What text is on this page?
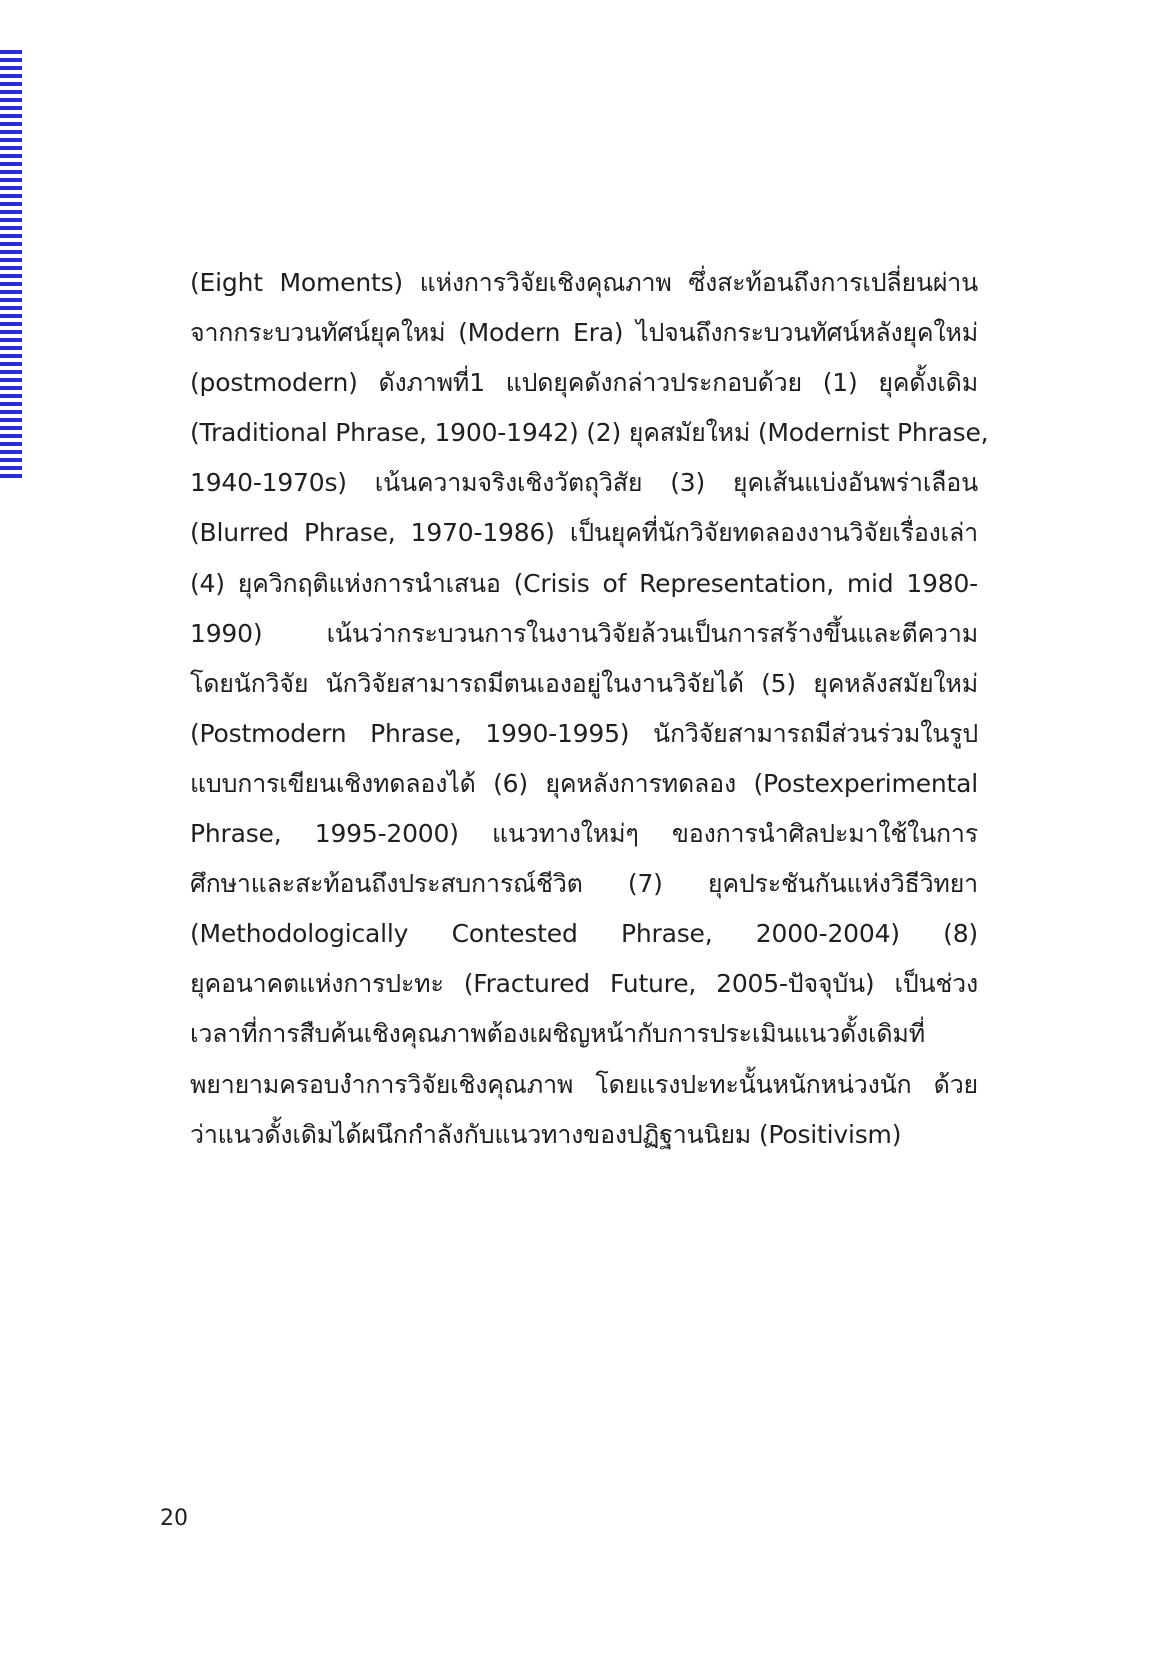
(Eight Moments) แห่งการวิจัยเชิงคุณภาพ ซึ่งสะท้อนถึงการเปลี่ยนผ่าน
จากกระบวนทัศน์ยุคใหม่ (Modern Era) ไปจนถึงกระบวนทัศน์หลังยุคใหม่
(postmodern) ดังภาพที่1 แปดยุคดังกล่าวประกอบด้วย (1) ยุคดั้งเดิม
(Traditional Phrase, 1900-1942) (2) ยุคสมัยใหม่ (Modernist Phrase,
1940-1970s) เน้นความจริงเชิงวัตถุวิสัย (3) ยุคเส้นแบ่งอันพร่าเลือน
(Blurred Phrase, 1970-1986) เป็นยุคที่นักวิจัยทดลองงานวิจัยเรื่องเล่า
(4) ยุควิกฤติแห่งการนำเสนอ (Crisis of Representation, mid 1980-
1990) เน้นว่ากระบวนการในงานวิจัยล้วนเป็นการสร้างขึ้นและตีความ
โดยนักวิจัย นักวิจัยสามารถมีตนเองอยู่ในงานวิจัยได้ (5) ยุคหลังสมัยใหม่
(Postmodern Phrase, 1990-1995) นักวิจัยสามารถมีส่วนร่วมในรูป
แบบการเขียนเชิงทดลองได้ (6) ยุคหลังการทดลอง (Postexperimental
Phrase, 1995-2000) แนวทางใหม่ๆ ของการนำศิลปะมาใช้ในการ
ศึกษาและสะท้อนถึงประสบการณ์ชีวิต (7) ยุคประชันกันแห่งวิธีวิทยา
(Methodologically Contested Phrase, 2000-2004) (8)
ยุคอนาคตแห่งการปะทะ (Fractured Future, 2005-ปัจจุบัน) เป็นช่วง
เวลาที่การสืบค้นเชิงคุณภาพต้องเผชิญหน้ากับการประเมินแนวดั้งเดิมที่
พยายามครอบงำการวิจัยเชิงคุณภาพ โดยแรงปะทะนั้นหนักหน่วงนัก ด้วย
ว่าแนวดั้งเดิมได้ผนึกกำลังกับแนวทางของปฏิฐานนิยม (Positivism)
20
